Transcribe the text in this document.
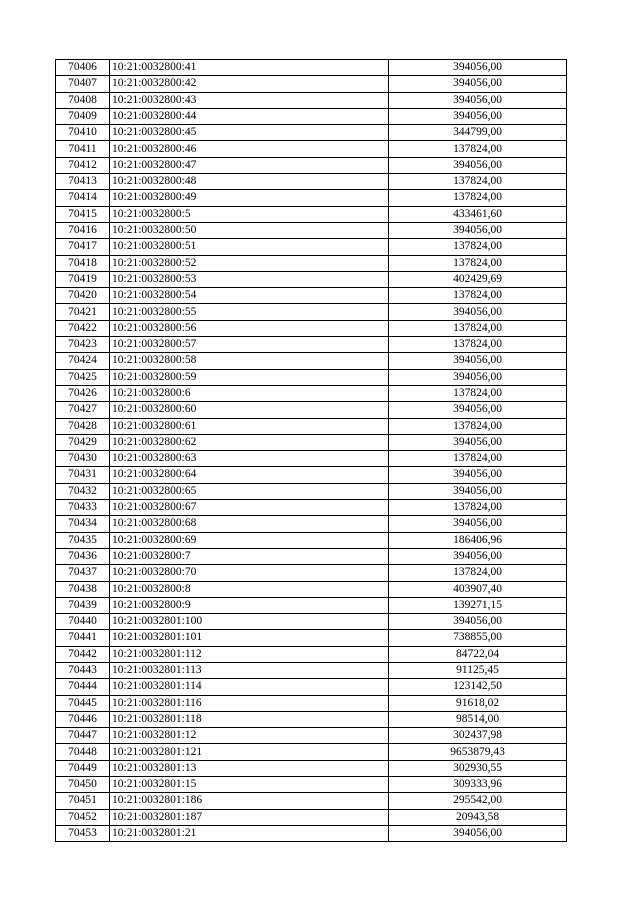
70406	10:21:0032800:41	394056,00
70407	10:21:0032800:42	394056,00
70408	10:21:0032800:43	394056,00
70409	10:21:0032800:44	394056,00
70410	10:21:0032800:45	344799,00
70411	10:21:0032800:46	137824,00
70412	10:21:0032800:47	394056,00
70413	10:21:0032800:48	137824,00
70414	10:21:0032800:49	137824,00
70415	10:21:0032800:5	433461,60
70416	10:21:0032800:50	394056,00
70417	10:21:0032800:51	137824,00
70418	10:21:0032800:52	137824,00
70419	10:21:0032800:53	402429,69
70420	10:21:0032800:54	137824,00
70421	10:21:0032800:55	394056,00
70422	10:21:0032800:56	137824,00
70423	10:21:0032800:57	137824,00
70424	10:21:0032800:58	394056,00
70425	10:21:0032800:59	394056,00
70426	10:21:0032800:6	137824,00
70427	10:21:0032800:60	394056,00
70428	10:21:0032800:61	137824,00
70429	10:21:0032800:62	394056,00
70430	10:21:0032800:63	137824,00
70431	10:21:0032800:64	394056,00
70432	10:21:0032800:65	394056,00
70433	10:21:0032800:67	137824,00
70434	10:21:0032800:68	394056,00
70435	10:21:0032800:69	186406,96
70436	10:21:0032800:7	394056,00
70437	10:21:0032800:70	137824,00
70438	10:21:0032800:8	403907,40
70439	10:21:0032800:9	139271,15
70440	10:21:0032801:100	394056,00
70441	10:21:0032801:101	738855,00
70442	10:21:0032801:112	84722,04
70443	10:21:0032801:113	91125,45
70444	10:21:0032801:114	123142,50
70445	10:21:0032801:116	91618,02
70446	10:21:0032801:118	98514,00
70447	10:21:0032801:12	302437,98
70448	10:21:0032801:121	9653879,43
70449	10:21:0032801:13	302930,55
70450	10:21:0032801:15	309333,96
70451	10:21:0032801:186	295542,00
70452	10:21:0032801:187	20943,58
70453	10:21:0032801:21	394056,00
